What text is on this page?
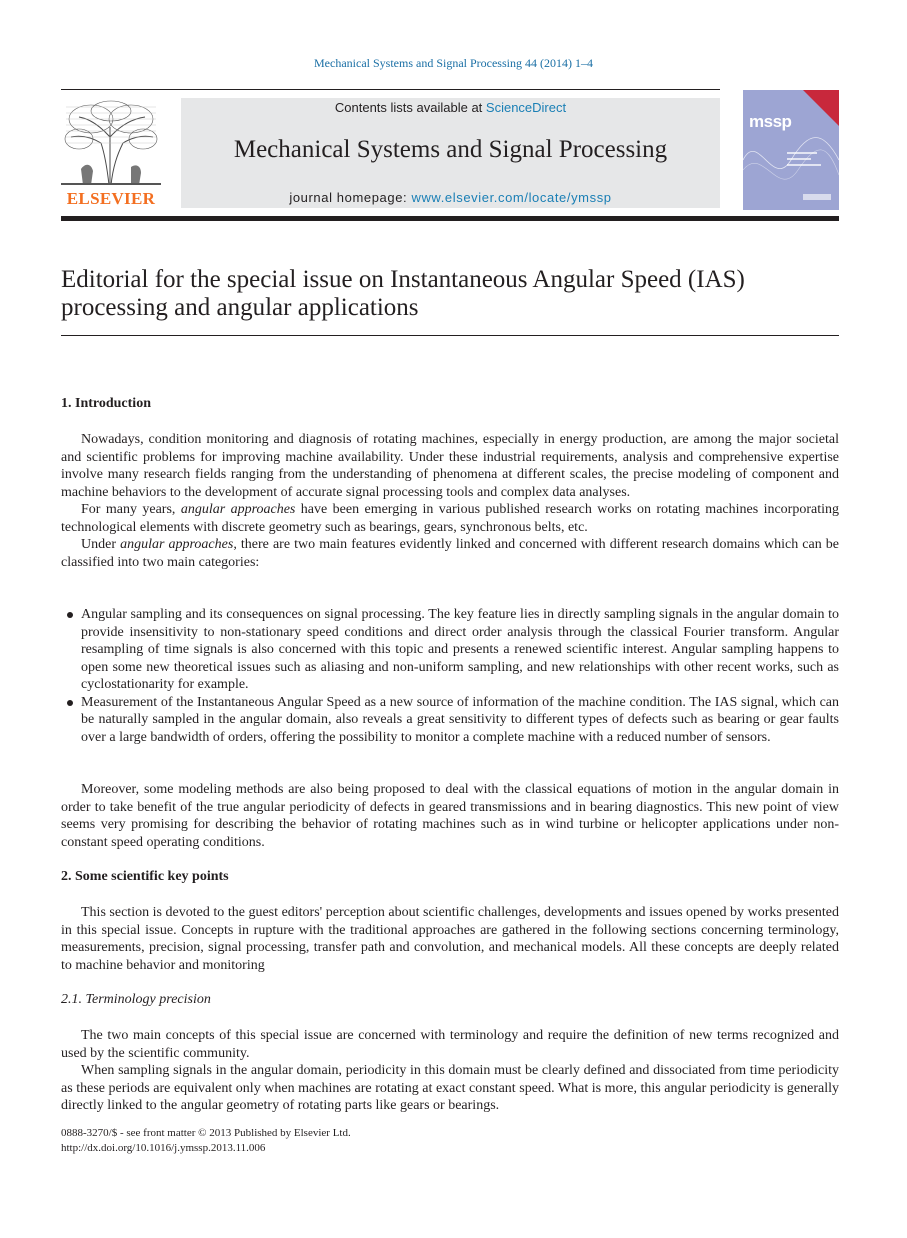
Mechanical Systems and Signal Processing 44 (2014) 1–4
ELSEVIER
Contents lists available at ScienceDirect
Mechanical Systems and Signal Processing
journal homepage: www.elsevier.com/locate/ymssp
mssp
Editorial for the special issue on Instantaneous Angular Speed (IAS) processing and angular applications
1. Introduction

Nowadays, condition monitoring and diagnosis of rotating machines, especially in energy production, are among the major societal and scientific problems for improving machine availability. Under these industrial requirements, analysis and comprehensive expertise involve many research fields ranging from the understanding of phenomena at different scales, the precise modeling of component and machine behaviors to the development of accurate signal processing tools and complex data analyses.

For many years, angular approaches have been emerging in various published research works on rotating machines incorporating technological elements with discrete geometry such as bearings, gears, synchronous belts, etc.

Under angular approaches, there are two main features evidently linked and concerned with different research domains which can be classified into two main categories:

Angular sampling and its consequences on signal processing. The key feature lies in directly sampling signals in the angular domain to provide insensitivity to non-stationary speed conditions and direct order analysis through the classical Fourier transform. Angular resampling of time signals is also concerned with this topic and presents a renewed scientific interest. Angular sampling happens to open some new theoretical issues such as aliasing and non-uniform sampling, and new relationships with other recent works, such as cyclostationarity for example.
Measurement of the Instantaneous Angular Speed as a new source of information of the machine condition. The IAS signal, which can be naturally sampled in the angular domain, also reveals a great sensitivity to different types of defects such as bearing or gear faults over a large bandwidth of orders, offering the possibility to monitor a complete machine with a reduced number of sensors.

Moreover, some modeling methods are also being proposed to deal with the classical equations of motion in the angular domain in order to take benefit of the true angular periodicity of defects in geared transmissions and in bearing diagnostics. This new point of view seems very promising for describing the behavior of rotating machines such as in wind turbine or helicopter applications under non-constant speed operating conditions.

2. Some scientific key points

This section is devoted to the guest editors' perception about scientific challenges, developments and issues opened by works presented in this special issue. Concepts in rupture with the traditional approaches are gathered in the following sections concerning terminology, measurements, precision, signal processing, transfer path and convolution, and mechanical models. All these concepts are deeply related to machine behavior and monitoring

2.1. Terminology precision

The two main concepts of this special issue are concerned with terminology and require the definition of new terms recognized and used by the scientific community.

When sampling signals in the angular domain, periodicity in this domain must be clearly defined and dissociated from time periodicity as these periods are equivalent only when machines are rotating at exact constant speed. What is more, this angular periodicity is generally directly linked to the angular geometry of rotating parts like gears or bearings.

0888-3270/$ - see front matter © 2013 Published by Elsevier Ltd.
http://dx.doi.org/10.1016/j.ymssp.2013.11.006
